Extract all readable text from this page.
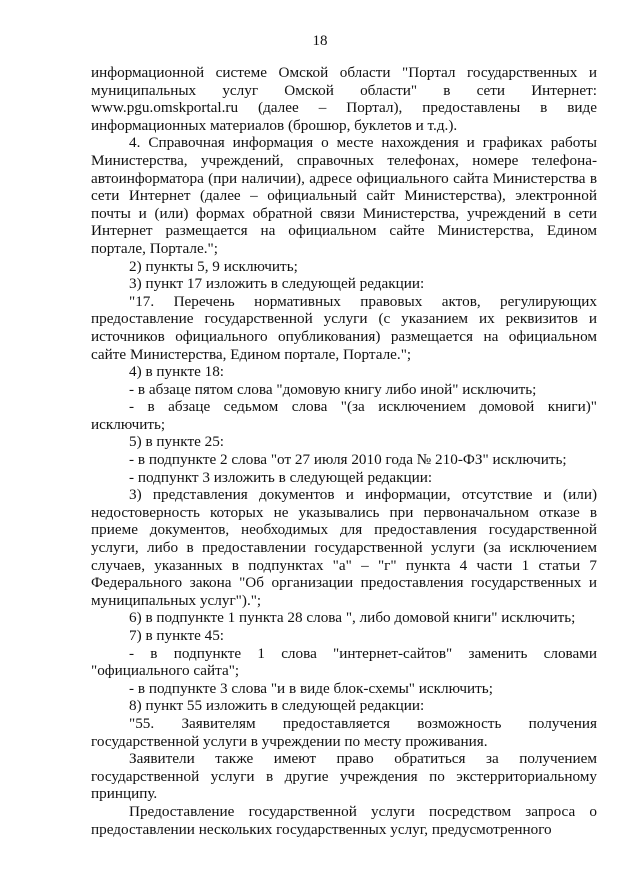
18

информационной системе Омской области "Портал государственных и муниципальных услуг Омской области" в сети Интернет: www.pgu.omskportal.ru (далее – Портал), предоставлены в виде информационных материалов (брошюр, буклетов и т.д.).

4. Справочная информация о месте нахождения и графиках работы Министерства, учреждений, справочных телефонах, номере телефона-автоинформатора (при наличии), адресе официального сайта Министерства в сети Интернет (далее – официальный сайт Министерства), электронной почты и (или) формах обратной связи Министерства, учреждений в сети Интернет размещается на официальном сайте Министерства, Едином портале, Портале.";

2) пункты 5, 9 исключить;

3) пункт 17 изложить в следующей редакции:

"17. Перечень нормативных правовых актов, регулирующих предоставление государственной услуги (с указанием их реквизитов и источников официального опубликования) размещается на официальном сайте Министерства, Едином портале, Портале.";

4) в пункте 18:

- в абзаце пятом слова "домовую книгу либо иной" исключить;

- в абзаце седьмом слова "(за исключением домовой книги)" исключить;

5) в пункте 25:

- в подпункте 2 слова "от 27 июля 2010 года № 210-ФЗ" исключить;

- подпункт 3 изложить в следующей редакции:

3) представления документов и информации, отсутствие и (или) недостоверность которых не указывались при первоначальном отказе в приеме документов, необходимых для предоставления государственной услуги, либо в предоставлении государственной услуги (за исключением случаев, указанных в подпунктах "а" – "г" пункта 4 части 1 статьи 7 Федерального закона "Об организации предоставления государственных и муниципальных услуг").";

6) в подпункте 1 пункта 28 слова ", либо домовой книги" исключить;

7) в пункте 45:

- в подпункте 1 слова "интернет-сайтов" заменить словами "официального сайта";

- в подпункте 3 слова "и в виде блок-схемы" исключить;

8) пункт 55 изложить в следующей редакции:

"55. Заявителям предоставляется возможность получения государственной услуги в учреждении по месту проживания.

Заявители также имеют право обратиться за получением государственной услуги в другие учреждения по экстерриториальному принципу.

Предоставление государственной услуги посредством запроса о предоставлении нескольких государственных услуг, предусмотренного
